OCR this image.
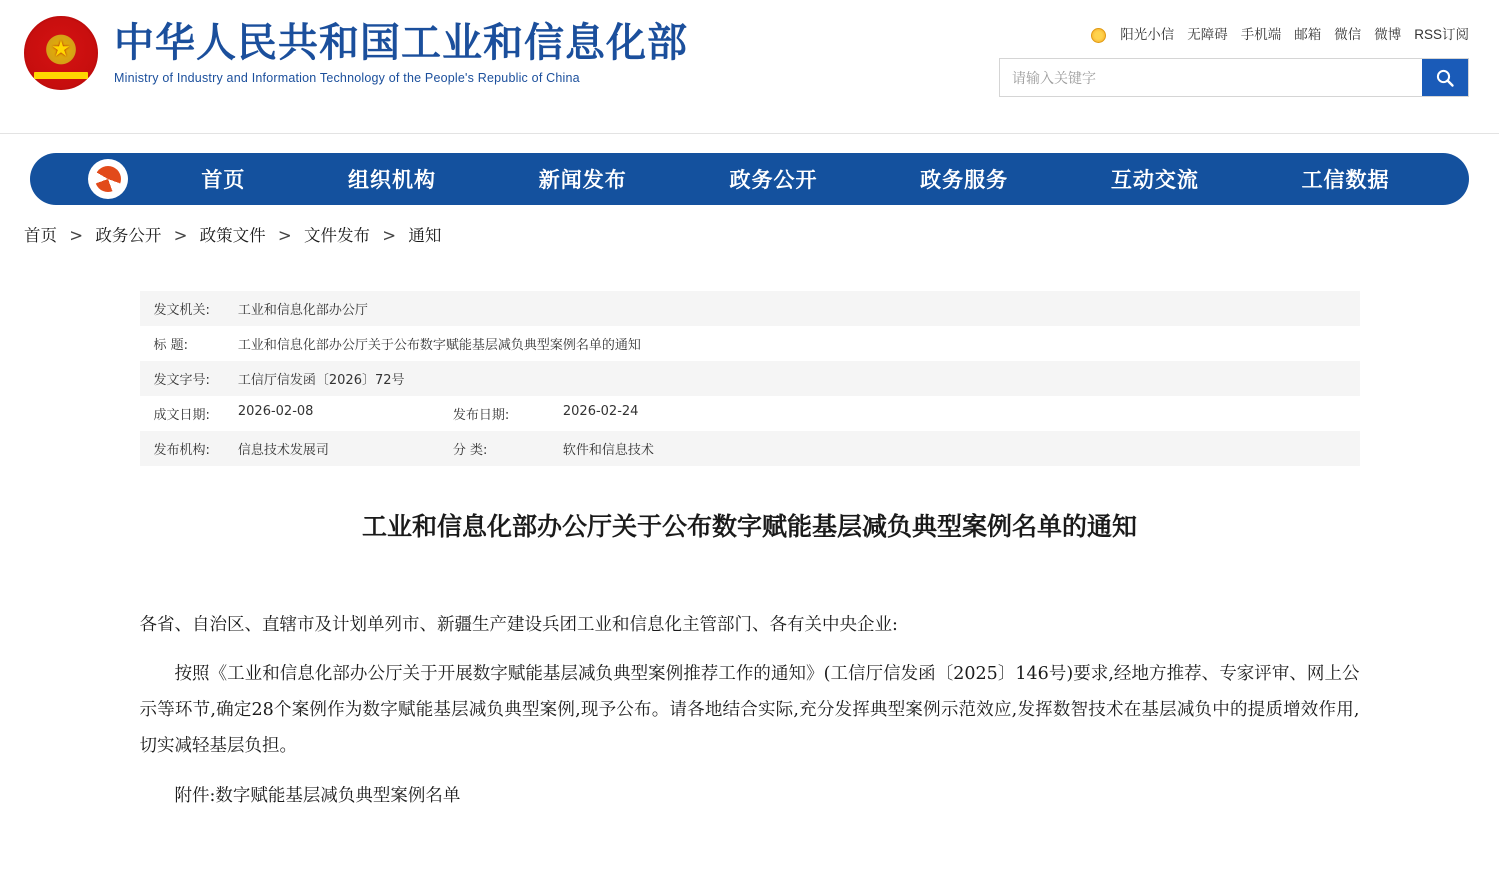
★
中华人民共和国工业和信息化部
Ministry of Industry and Information Technology of the People's Republic of China
阳光小信 无障碍 手机端 邮箱 微信 微博 RSS订阅
请输入关键字
首页	组织机构	新闻发布	政务公开	政务服务	互动交流	工信数据
首页 > 政务公开 > 政策文件 > 文件发布 > 通知
发文机关:	工业和信息化部办公厅
标 题:	工业和信息化部办公厅关于公布数字赋能基层减负典型案例名单的通知
发文字号:	工信厅信发函〔2026〕72号
成文日期:	2026-02-08 发布日期: 2026-02-24

发布机构:	信息技术发展司 分 类: 软件和信息技术
工业和信息化部办公厅关于公布数字赋能基层减负典型案例名单的通知

各省、自治区、直辖市及计划单列市、新疆生产建设兵团工业和信息化主管部门、各有关中央企业:

按照《工业和信息化部办公厅关于开展数字赋能基层减负典型案例推荐工作的通知》(工信厅信发函〔2025〕146号)要求,经地方推荐、专家评审、网上公示等环节,确定28个案例作为数字赋能基层减负典型案例,现予公布。请各地结合实际,充分发挥典型案例示范效应,发挥数智技术在基层减负中的提质增效作用,切实减轻基层负担。

附件:数字赋能基层减负典型案例名单
